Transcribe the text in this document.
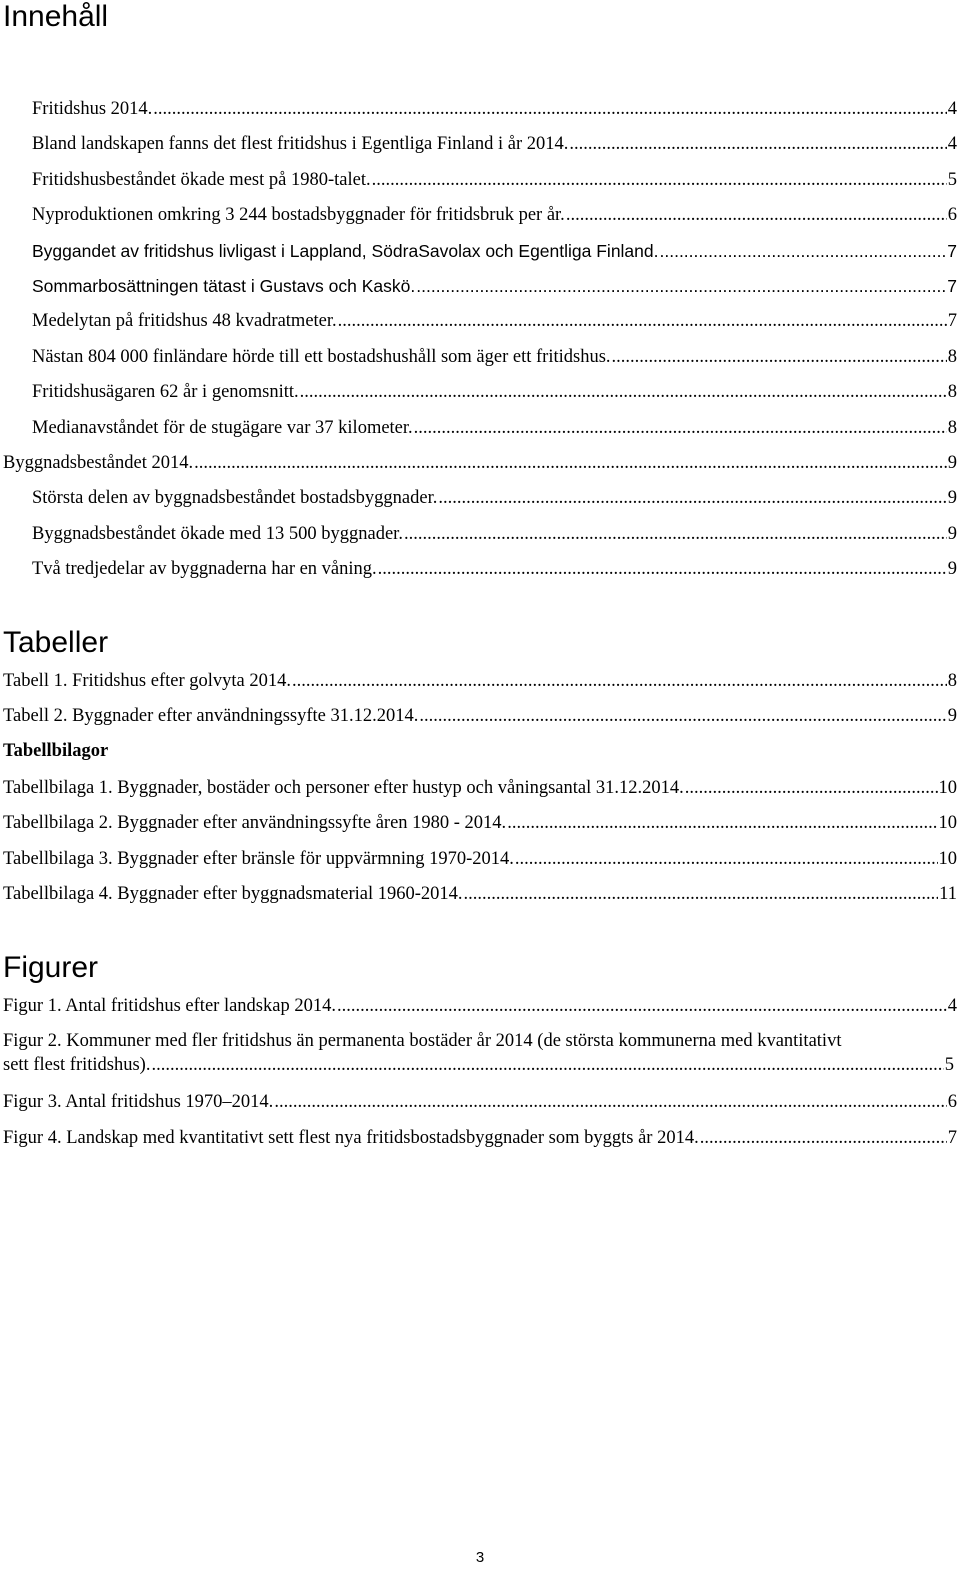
Innehåll
Fritidshus 2014. .....	4
Bland landskapen fanns det flest fritidshus i Egentliga Finland i år 2014. .....	4
Fritidshusbeståndet ökade mest på 1980-talet. .....	5
Nyproduktionen omkring 3 244 bostadsbyggnader för fritidsbruk per år. .....	6
Byggandet av fritidshus livligast i Lappland, SödraSavolax och Egentliga Finland. .....	7
Sommarbosättningen tätast i Gustavs och Kaskö. .....	7
Medelytan på fritidshus 48 kvadratmeter. .....	7
Nästan 804 000 finländare hörde till ett bostadshushåll som äger ett fritidshus. .....	8
Fritidshusägaren 62 år i genomsnitt. .....	8
Medianavståndet för de stugägare var 37 kilometer. .....	8
Byggnadsbeståndet 2014. .....	9
Största delen av byggnadsbeståndet bostadsbyggnader. .....	9
Byggnadsbeståndet ökade med 13 500 byggnader. .....	9
Två tredjedelar av byggnaderna har en våning. .....	9
Tabeller
Tabell 1. Fritidshus efter golvyta 2014. .....	8
Tabell 2. Byggnader efter användningssyfte 31.12.2014. .....	9
Tabellbilagor
Tabellbilaga 1. Byggnader, bostäder och personer efter hustyp och våningsantal 31.12.2014. .....	10
Tabellbilaga 2. Byggnader efter användningssyfte åren 1980 - 2014. .....	10
Tabellbilaga 3. Byggnader efter bränsle för uppvärmning 1970-2014. .....	10
Tabellbilaga 4. Byggnader efter byggnadsmaterial 1960-2014. .....	11
Figurer
Figur 1. Antal fritidshus efter landskap 2014. .....	4
Figur 2. Kommuner med fler fritidshus än permanenta bostäder år 2014 (de största kommunerna med kvantitativt
sett flest fritidshus). .....	5
Figur 3. Antal fritidshus 1970–2014. .....	6
Figur 4. Landskap med kvantitativt sett flest nya fritidsbostadsbyggnader som byggts år 2014. .....	7
3
